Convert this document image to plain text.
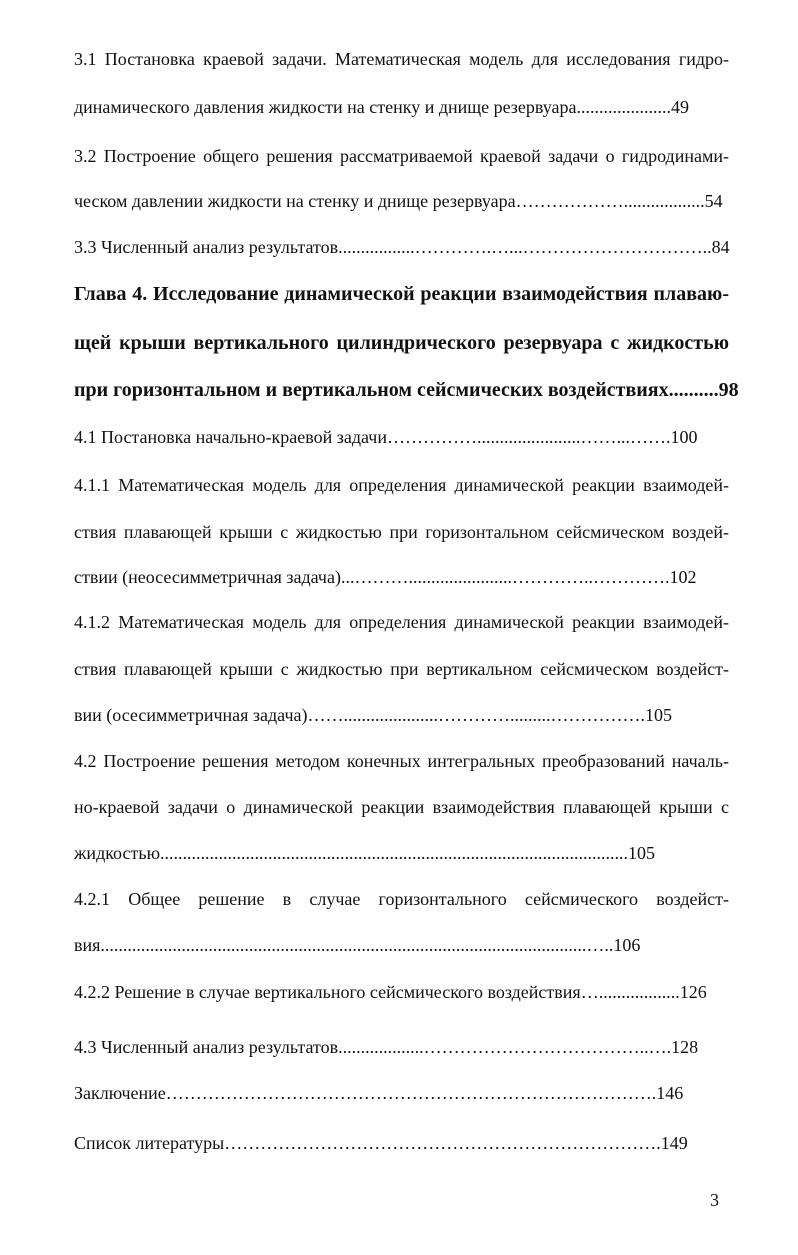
3.1 Постановка краевой задачи. Математическая модель для исследования гидро-
динамического давления жидкости на стенку и днище резервуара.....................49
3.2 Построение общего решения рассматриваемой краевой задачи о гидродинами-
ческом давлении жидкости на стенку и днище резервуара………………..................54
3.3 Численный анализ результатов.................………….…...…………………………..84
Глава 4. Исследование динамической реакции взаимодействия плаваю-
щей крыши вертикального цилиндрического резервуара с жидкостью
при горизонтальном и вертикальном сейсмических воздействиях..........98
4.1 Постановка начально-краевой задачи…………….......................……...…….100
4.1.1 Математическая модель для определения динамической реакции взаимодей-
ствия плавающей крыши с жидкостью при горизонтальном сейсмическом воздей-
ствии (неосесимметричная задача)...……….......................…………..………….102
4.1.2 Математическая модель для определения динамической реакции взаимодей-
ствия плавающей крыши с жидкостью при вертикальном сейсмическом воздейст-
вии (осесимметричная задача)…….....................………….........…………….105
4.2 Построение решения методом конечных интегральных преобразований началь-
но-краевой задачи о динамической реакции взаимодействия плавающей крыши с
жидкостью........................................................................................................105
4.2.1 Общее решение в случае горизонтального сейсмического воздейст-
вия............................................................................................................…..106
4.2.2 Решение в случае вертикального сейсмического воздействия…..................126
4.3 Численный анализ результатов...................………………………………..….128
Заключение……………………………………………………………………….146
Список литературы……………………………………………………………….149
3
